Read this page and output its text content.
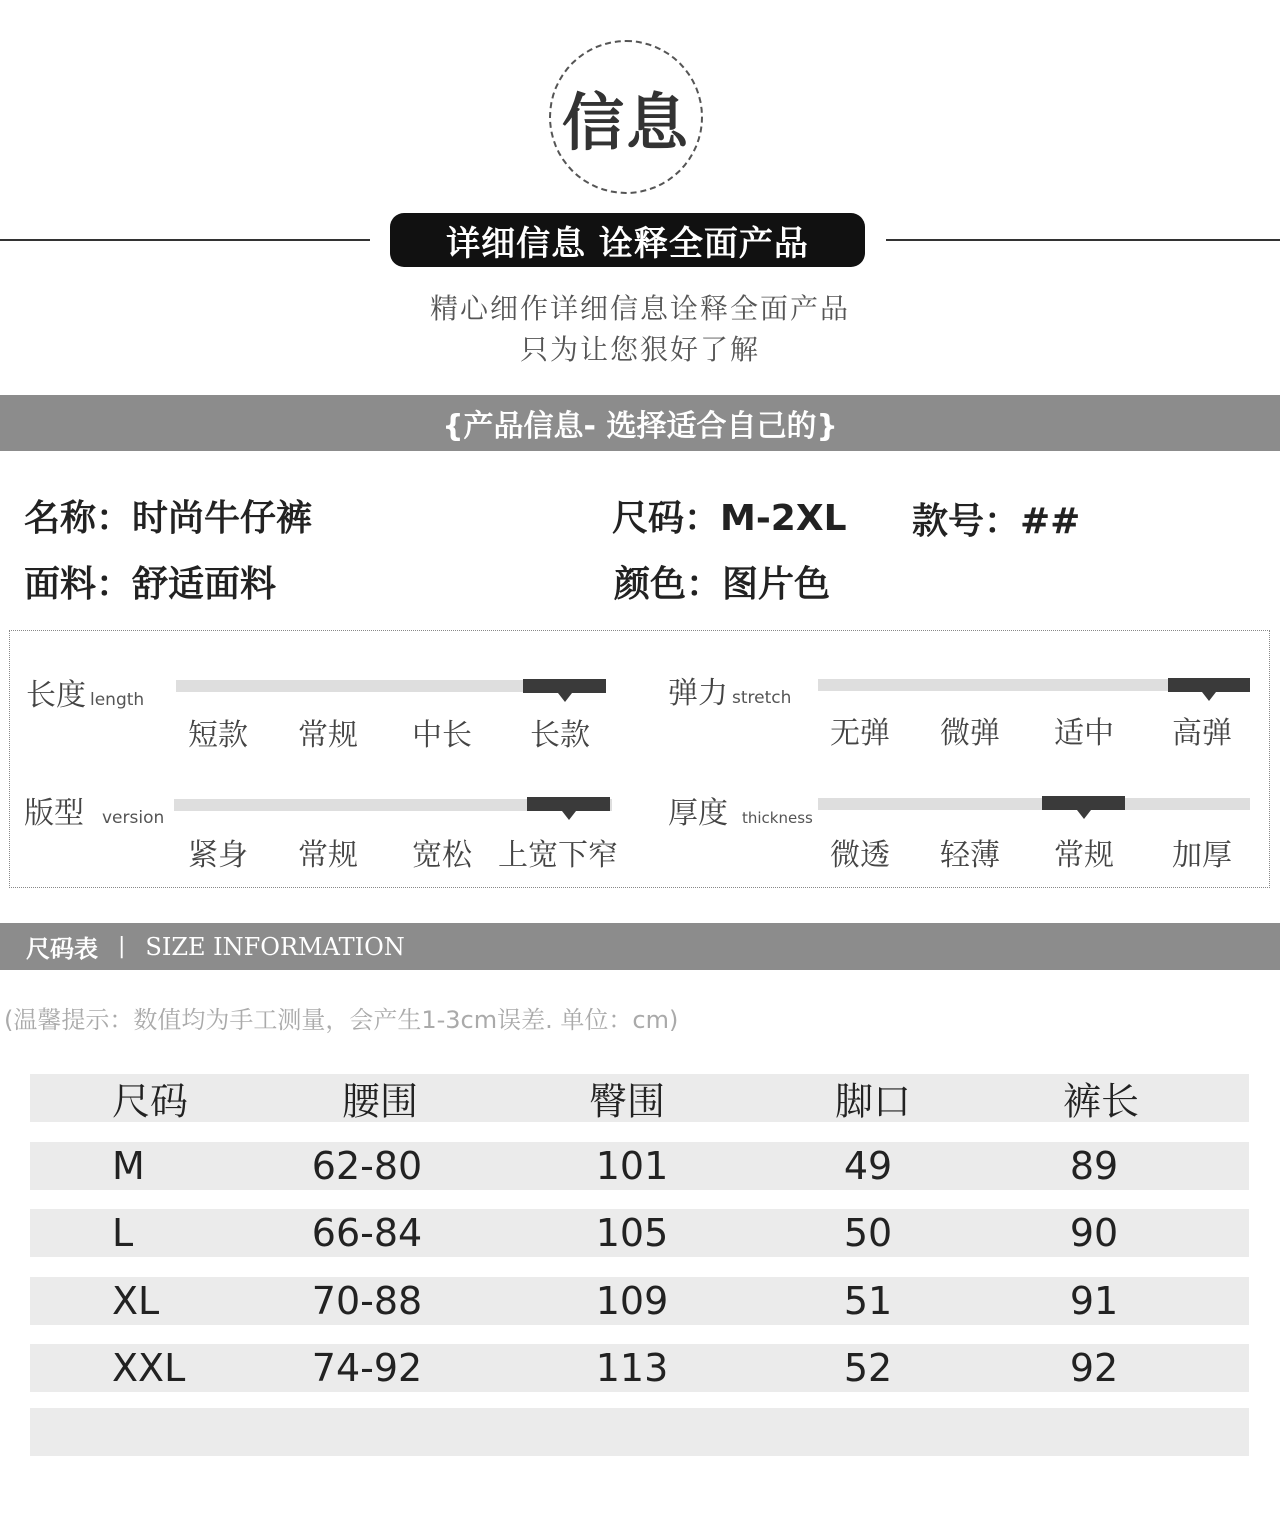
信息
详细信息 诠释全面产品
精心细作详细信息诠释全面产品
只为让您狠好了解
{产品信息- 选择适合自己的}
名称：时尚牛仔裤	尺码：M-2XL 款号：##
面料：舒适面料	颜色：图片色
长度 length
短款 常规 中长 长款
弹力 stretch
无弹 微弹 适中 高弹
版型 version
紧身 常规 宽松 上宽下窄
厚度 thickness
微透 轻薄 常规 加厚
尺码表 | SIZE INFORMATION
(温馨提示：数值均为手工测量，会产生1-3cm误差. 单位：cm)
尺码	腰围	臀围	脚口	裤长
M	62-80	101	49	89
L	66-84	105	50	90
XL	70-88	109	51	91
XXL	74-92	113	52	92
